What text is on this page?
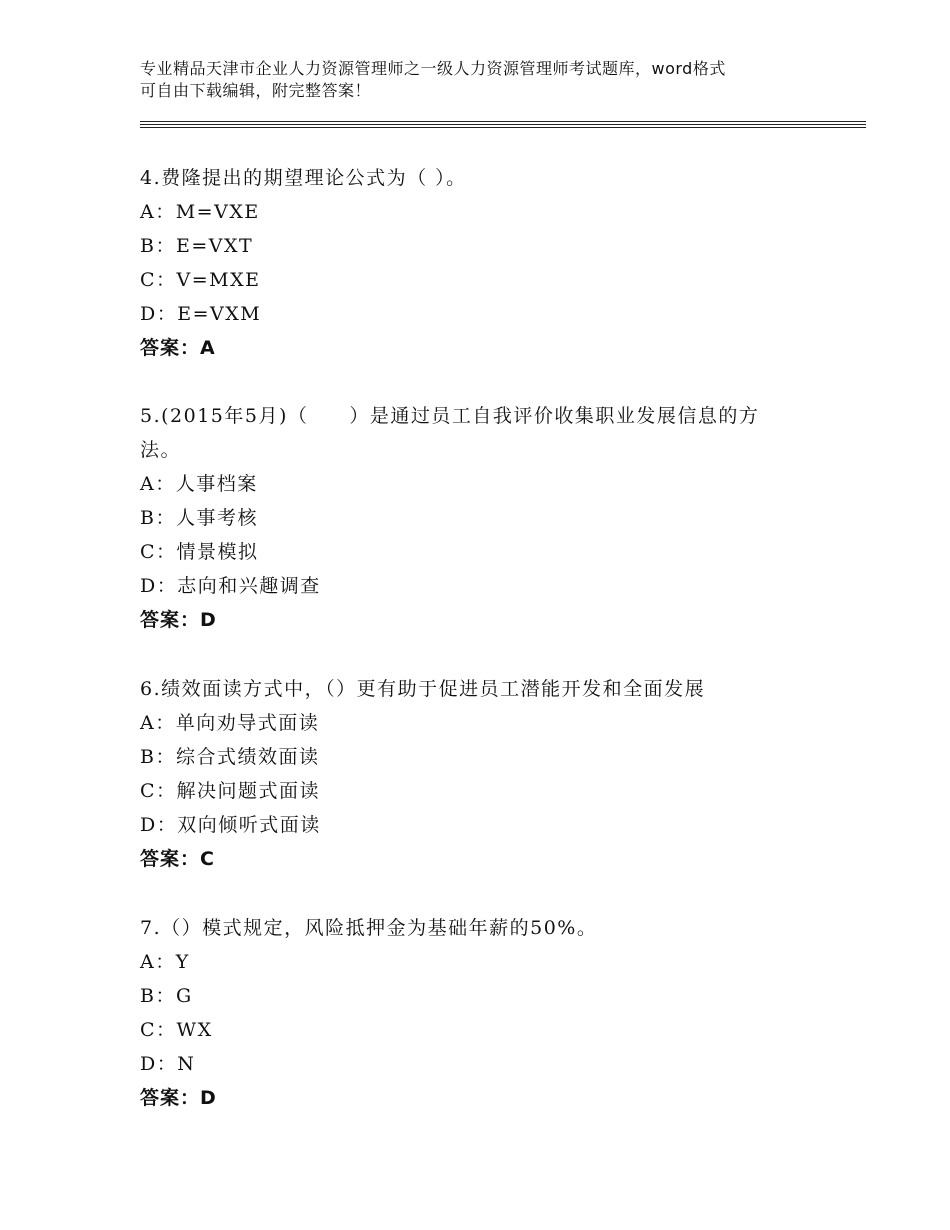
专业精品天津市企业人力资源管理师之一级人力资源管理师考试题库，word格式
可自由下载编辑，附完整答案！

4.费隆提出的期望理论公式为（ ）。

A：M=VXE

B：E=VXT

C：V=MXE

D：E=VXM

答案：A

5.(2015年5月)（　　）是通过员工自我评价收集职业发展信息的方

法。

A：人事档案

B：人事考核

C：情景模拟

D：志向和兴趣调查

答案：D

6.绩效面读方式中，（）更有助于促进员工潜能开发和全面发展

A：单向劝导式面读

B：综合式绩效面读

C：解决问题式面读

D：双向倾听式面读

答案：C

7.（）模式规定，风险抵押金为基础年薪的50%。

A：Y

B：G

C：WX

D：N

答案：D
